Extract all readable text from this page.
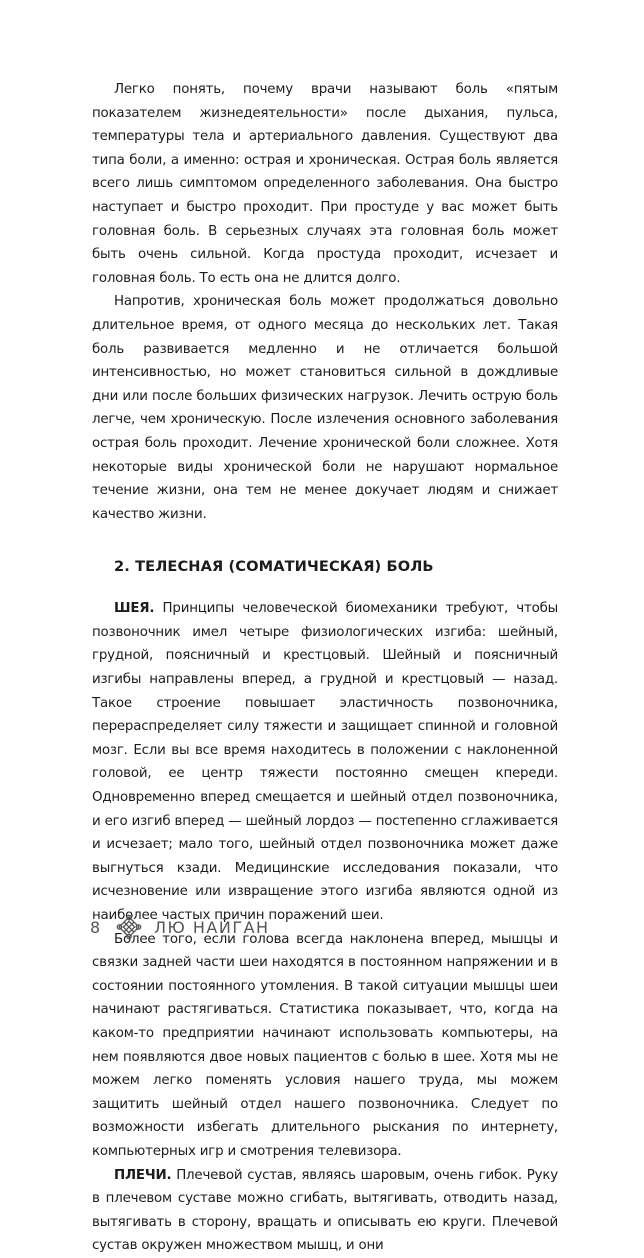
Легко понять, почему врачи называют боль «пятым показателем жизнедеятельности» после дыхания, пульса, температуры тела и артериального давления. Существуют два типа боли, а именно: острая и хроническая. Острая боль является всего лишь симптомом определенного заболевания. Она быстро наступает и быстро проходит. При простуде у вас может быть головная боль. В серьезных случаях эта головная боль может быть очень сильной. Когда простуда проходит, исчезает и головная боль. То есть она не длится долго.

Напротив, хроническая боль может продолжаться довольно длительное время, от одного месяца до нескольких лет. Такая боль развивается медленно и не отличается большой интенсивностью, но может становиться сильной в дождливые дни или после больших физических нагрузок. Лечить острую боль легче, чем хроническую. После излечения основного заболевания острая боль проходит. Лечение хронической боли сложнее. Хотя некоторые виды хронической боли не нарушают нормальное течение жизни, она тем не менее докучает людям и снижает качество жизни.

2. ТЕЛЕСНАЯ (СОМАТИЧЕСКАЯ) БОЛЬ

ШЕЯ. Принципы человеческой биомеханики требуют, чтобы позвоночник имел четыре физиологических изгиба: шейный, грудной, поясничный и крестцовый. Шейный и поясничный изгибы направлены вперед, а грудной и крестцовый — назад. Такое строение повышает эластичность позвоночника, перераспределяет силу тяжести и защищает спинной и головной мозг. Если вы все время находитесь в положении с наклоненной головой, ее центр тяжести постоянно смещен кпереди. Одновременно вперед смещается и шейный отдел позвоночника, и его изгиб вперед — шейный лордоз — постепенно сглаживается и исчезает; мало того, шейный отдел позвоночника может даже выгнуться кзади. Медицинские исследования показали, что исчезновение или извращение этого изгиба являются одной из наиболее частых причин поражений шеи.

Более того, если голова всегда наклонена вперед, мышцы и связки задней части шеи находятся в постоянном напряжении и в состоянии постоянного утомления. В такой ситуации мышцы шеи начинают растягиваться. Статистика показывает, что, когда на каком-то предприятии начинают использовать компьютеры, на нем появляются двое новых пациентов с болью в шее. Хотя мы не можем легко поменять условия нашего труда, мы можем защитить шейный отдел нашего позвоночника. Следует по возможности избегать длительного рыскания по интернету, компьютерных игр и смотрения телевизора.

ПЛЕЧИ. Плечевой сустав, являясь шаровым, очень гибок. Руку в плечевом суставе можно сгибать, вытягивать, отводить назад, вытягивать в сторону, вращать и описывать ею круги. Плечевой сустав окружен множеством мышц, и они

8	ЛЮ НАЙГАН
